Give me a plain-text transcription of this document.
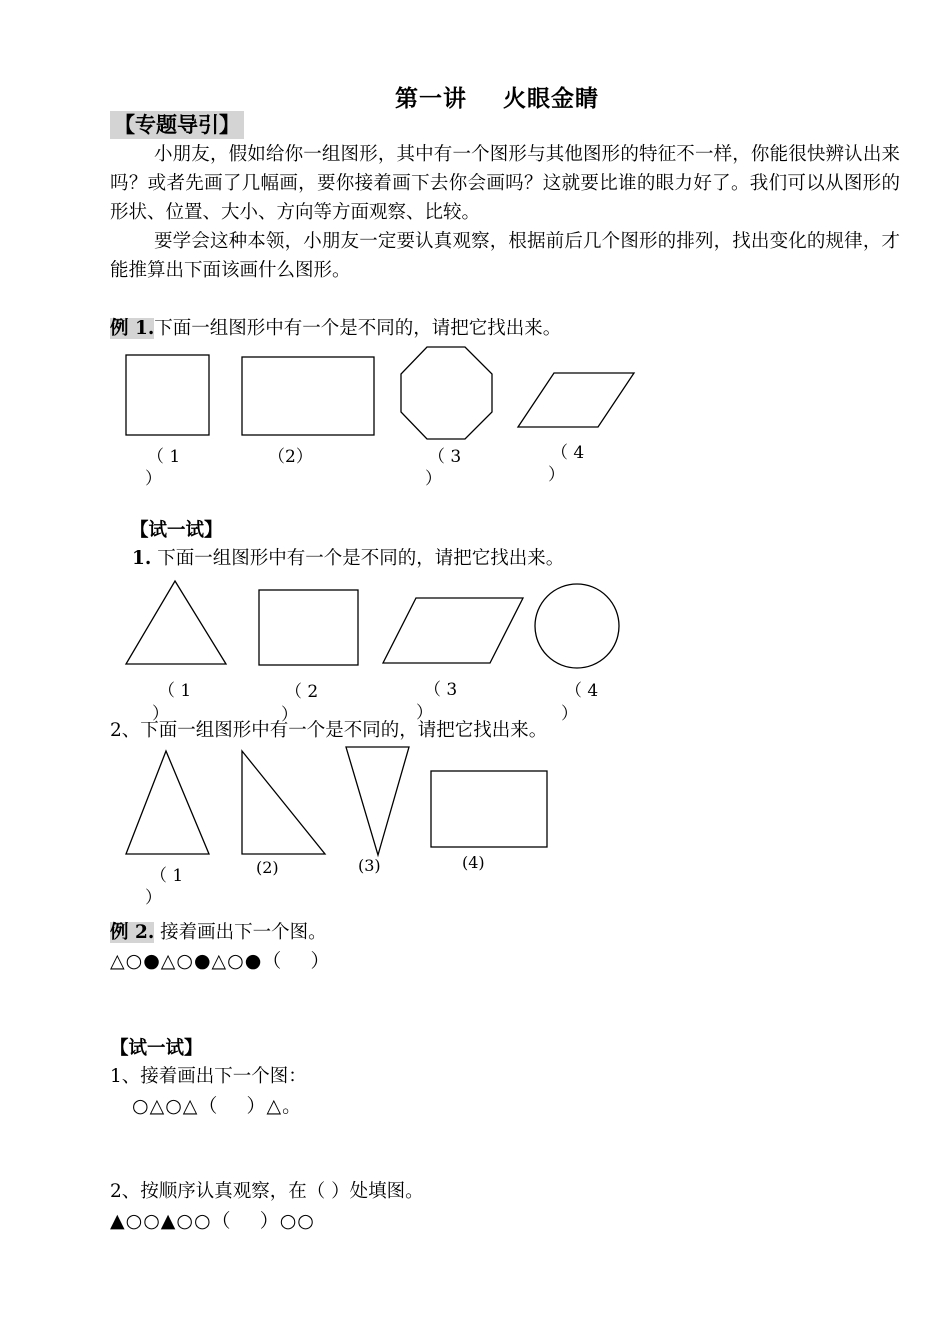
第一讲    火眼金睛
【专题导引】
小朋友，假如给你一组图形，其中有一个图形与其他图形的特征不一样，你能很快辨认出来吗？或者先画了几幅画，要你接着画下去你会画吗？这就要比谁的眼力好了。我们可以从图形的形状、位置、大小、方向等方面观察、比较。
要学会这种本领，小朋友一定要认真观察，根据前后几个图形的排列，找出变化的规律，才能推算出下面该画什么图形。
例 1.下面一组图形中有一个是不同的，请把它找出来。
【试一试】
1. 下面一组图形中有一个是不同的，请把它找出来。
2、下面一组图形中有一个是不同的，请把它找出来。
例 2. 接着画出下一个图。
△○●△○●△○●（    ）
【试一试】
1、接着画出下一个图：
○△○△（    ）△。
2、按顺序认真观察，在（ ）处填图。
▲○○▲○○（    ）○○
（ 1
）
（2）	（ 3
）
（ 4
）
（ 1
）
（ 2
）
（ 3
）
（ 4
）
（ 1
）
(2)	(3)	(4)
